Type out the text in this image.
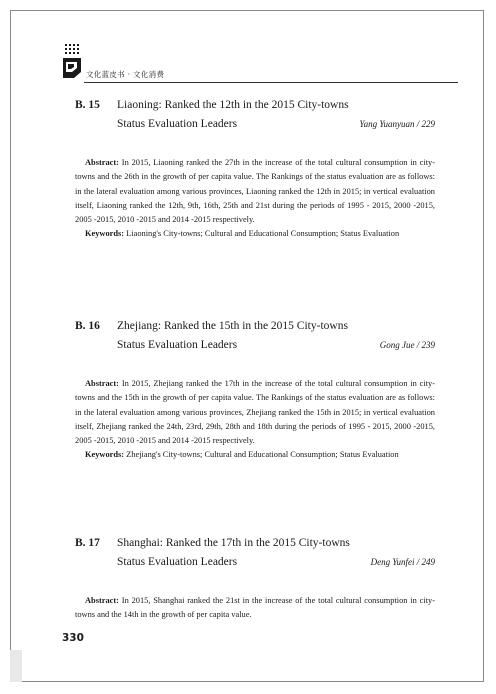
文化蓝皮书 · 文化消费
B. 15 Liaoning: Ranked the 12th in the 2015 City-towns
Status Evaluation Leaders	Yang Yuanyuan / 229

Abstract: In 2015, Liaoning ranked the 27th in the increase of the total cultural consumption in city-towns and the 26th in the growth of per capita value. The Rankings of the status evaluation are as follows: in the lateral evaluation among various provinces, Liaoning ranked the 12th in 2015; in vertical evaluation itself, Liaoning ranked the 12th, 9th, 16th, 25th and 21st during the periods of 1995 - 2015, 2000 -2015, 2005 -2015, 2010 -2015 and 2014 -2015 respectively.

Keywords: Liaoning's City-towns; Cultural and Educational Consumption; Status Evaluation

B. 16 Zhejiang: Ranked the 15th in the 2015 City-towns
Status Evaluation Leaders	Gong Jue / 239

Abstract: In 2015, Zhejiang ranked the 17th in the increase of the total cultural consumption in city-towns and the 15th in the growth of per capita value. The Rankings of the status evaluation are as follows: in the lateral evaluation among various provinces, Zhejiang ranked the 15th in 2015; in vertical evaluation itself, Zhejiang ranked the 24th, 23rd, 29th, 28th and 18th during the periods of 1995 - 2015, 2000 -2015, 2005 -2015, 2010 -2015 and 2014 -2015 respectively.

Keywords: Zhejiang's City-towns; Cultural and Educational Consumption; Status Evaluation

B. 17 Shanghai: Ranked the 17th in the 2015 City-towns
Status Evaluation Leaders	Deng Yunfei / 249

Abstract: In 2015, Shanghai ranked the 21st in the increase of the total cultural consumption in city-towns and the 14th in the growth of per capita value.

330
